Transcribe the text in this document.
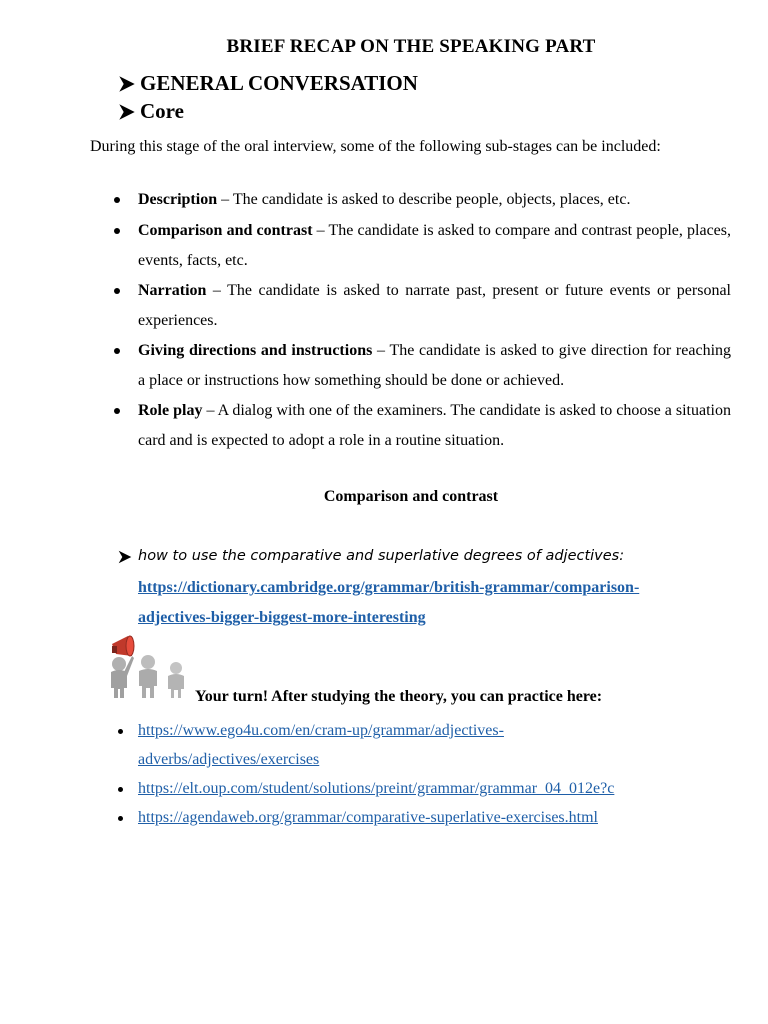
BRIEF RECAP ON THE SPEAKING PART
GENERAL CONVERSATION
Core
During this stage of the oral interview, some of the following sub-stages can be included:
Description – The candidate is asked to describe people, objects, places, etc.
Comparison and contrast – The candidate is asked to compare and contrast people, places, events, facts, etc.
Narration – The candidate is asked to narrate past, present or future events or personal experiences.
Giving directions and instructions – The candidate is asked to give direction for reaching a place or instructions how something should be done or achieved.
Role play – A dialog with one of the examiners. The candidate is asked to choose a situation card and is expected to adopt a role in a routine situation.
Comparison and contrast
how to use the comparative and superlative degrees of adjectives:
https://dictionary.cambridge.org/grammar/british-grammar/comparison-
adjectives-bigger-biggest-more-interesting
Your turn! After studying the theory, you can practice here:
https://www.ego4u.com/en/cram-up/grammar/adjectives-
adverbs/adjectives/exercises
https://elt.oup.com/student/solutions/preint/grammar/grammar_04_012e?c
https://agendaweb.org/grammar/comparative-superlative-exercises.html
